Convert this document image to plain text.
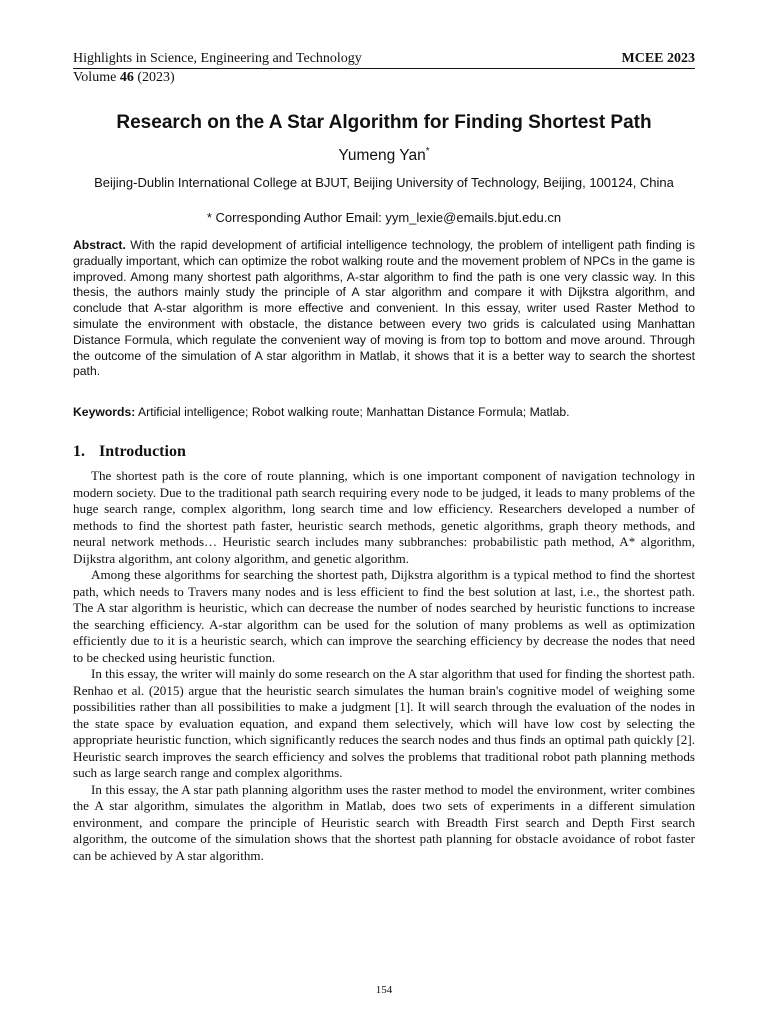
Highlights in Science, Engineering and Technology	MCEE 2023
Volume 46 (2023)
Research on the A Star Algorithm for Finding Shortest Path
Yumeng Yan*
Beijing-Dublin International College at BJUT, Beijing University of Technology, Beijing, 100124, China
* Corresponding Author Email: yym_lexie@emails.bjut.edu.cn
Abstract. With the rapid development of artificial intelligence technology, the problem of intelligent path finding is gradually important, which can optimize the robot walking route and the movement problem of NPCs in the game is improved. Among many shortest path algorithms, A-star algorithm to find the path is one very classic way. In this thesis, the authors mainly study the principle of A star algorithm and compare it with Dijkstra algorithm, and conclude that A-star algorithm is more effective and convenient. In this essay, writer used Raster Method to simulate the environment with obstacle, the distance between every two grids is calculated using Manhattan Distance Formula, which regulate the convenient way of moving is from top to bottom and move around. Through the outcome of the simulation of A star algorithm in Matlab, it shows that it is a better way to search the shortest path.
Keywords: Artificial intelligence; Robot walking route; Manhattan Distance Formula; Matlab.
1. Introduction

The shortest path is the core of route planning, which is one important component of navigation technology in modern society. Due to the traditional path search requiring every node to be judged, it leads to many problems of the huge search range, complex algorithm, long search time and low efficiency. Researchers developed a number of methods to find the shortest path faster, heuristic search methods, genetic algorithms, graph theory methods, and neural network methods… Heuristic search includes many subbranches: probabilistic path method, A* algorithm, Dijkstra algorithm, ant colony algorithm, and genetic algorithm.

Among these algorithms for searching the shortest path, Dijkstra algorithm is a typical method to find the shortest path, which needs to Travers many nodes and is less efficient to find the best solution at last, i.e., the shortest path. The A star algorithm is heuristic, which can decrease the number of nodes searched by heuristic functions to increase the searching efficiency. A-star algorithm can be used for the solution of many problems as well as optimization efficiently due to it is a heuristic search, which can improve the searching efficiency by decrease the nodes that need to be checked using heuristic function.

In this essay, the writer will mainly do some research on the A star algorithm that used for finding the shortest path. Renhao et al. (2015) argue that the heuristic search simulates the human brain's cognitive model of weighing some possibilities rather than all possibilities to make a judgment [1]. It will search through the evaluation of the nodes in the state space by evaluation equation, and expand them selectively, which will have low cost by selecting the appropriate heuristic function, which significantly reduces the search nodes and thus finds an optimal path quickly [2]. Heuristic search improves the search efficiency and solves the problems that traditional robot path planning methods such as large search range and complex algorithms.

In this essay, the A star path planning algorithm uses the raster method to model the environment, writer combines the A star algorithm, simulates the algorithm in Matlab, does two sets of experiments in a different simulation environment, and compare the principle of Heuristic search with Breadth First search and Depth First search algorithm, the outcome of the simulation shows that the shortest path planning for obstacle avoidance of robot faster can be achieved by A star algorithm.

154
